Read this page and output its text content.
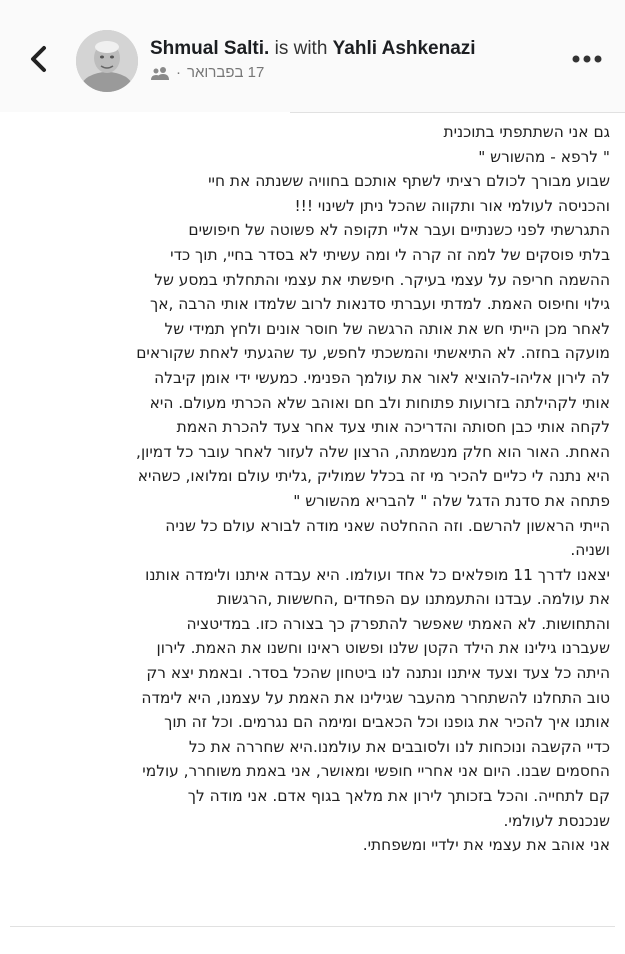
Shmual Salti. is with Yahli Ashkenazi
· 17 בפברואר

גם אני השתתפתי בתוכנית

" לרפא - מהשורש "

שבוע מבורך לכולם רציתי לשתף אותכם בחוויה ששנתה את חיי

והכניסה לעולמי אור ותקווה שהכל ניתן לשינוי !!!

התגרשתי לפני כשנתיים ועבר אליי תקופה לא פשוטה של חיפושים

בלתי פוסקים של למה זה קרה לי ומה עשיתי לא בסדר בחיי, תוך כדי

ההשמה חריפה על עצמי בעיקר. חיפשתי את עצמי והתחלתי במסע של

גילוי וחיפוס האמת. למדתי ועברתי סדנאות לרוב שלמדו אותי הרבה ,אך

לאחר מכן הייתי חש את אותה הרגשה של חוסר אונים ולחץ תמידי של

מועקה בחזה. לא התיאשתי והמשכתי לחפש, עד שהגעתי לאחת שקוראים

לה לירון אליהו-להוציא לאור את עולמך הפנימי. כמעשי ידי אומן קיבלה

אותי לקהילתה בזרועות פתוחות ולב חם ואוהב שלא הכרתי מעולם. היא

לקחה אותי כבן חסותה והדריכה אותי צעד אחר צעד להכרת האמת

האחת. האור הוא חלק מנשמתה, הרצון שלה לעזור לאחר עובר כל דמיון,

היא נתנה לי כליים להכיר מי זה בכלל שמוליק ,גליתי עולם ומלואו, כשהיא

פתחה את סדנת הדגל שלה " להבריא מהשורש "

הייתי הראשון להרשם. וזה ההחלטה שאני מודה לבורא עולם כל שניה

ושניה.

יצאנו לדרך 11 מופלאים כל אחד ועולמו. היא עבדה איתנו ולימדה אותנו

את עולמה. עבדנו והתעמתנו עם הפחדים ,החששות ,הרגשות

והתחושות. לא האמתי שאפשר להתפרק כך בצורה כזו. במדיטציה

שעברנו גילינו את הילד הקטן שלנו ופשוט ראינו וחשנו את האמת. לירון

היתה כל צעד וצעד איתנו ונתנה לנו ביטחון שהכל בסדר. ובאמת יצא רק

טוב התחלנו להשתחרר מהעבר שגילינו את האמת על עצמנו, היא לימדה

אותנו איך להכיר את גופנו וכל הכאבים ומימה הם נגרמים. וכל זה תוך

כדיי הקשבה ונוכחות לנו ולסובבים את עולמנו.היא שחררה את כל

החסמים שבנו. היום אני אחריי חופשי ומאושר, אני באמת משוחרר, עולמי

קם לתחייה. והכל בזכותך לירון את מלאך בגוף אדם. אני מודה לך

שנכנסת לעולמי.

אני אוהב את עצמי את ילדיי ומשפחתי.
